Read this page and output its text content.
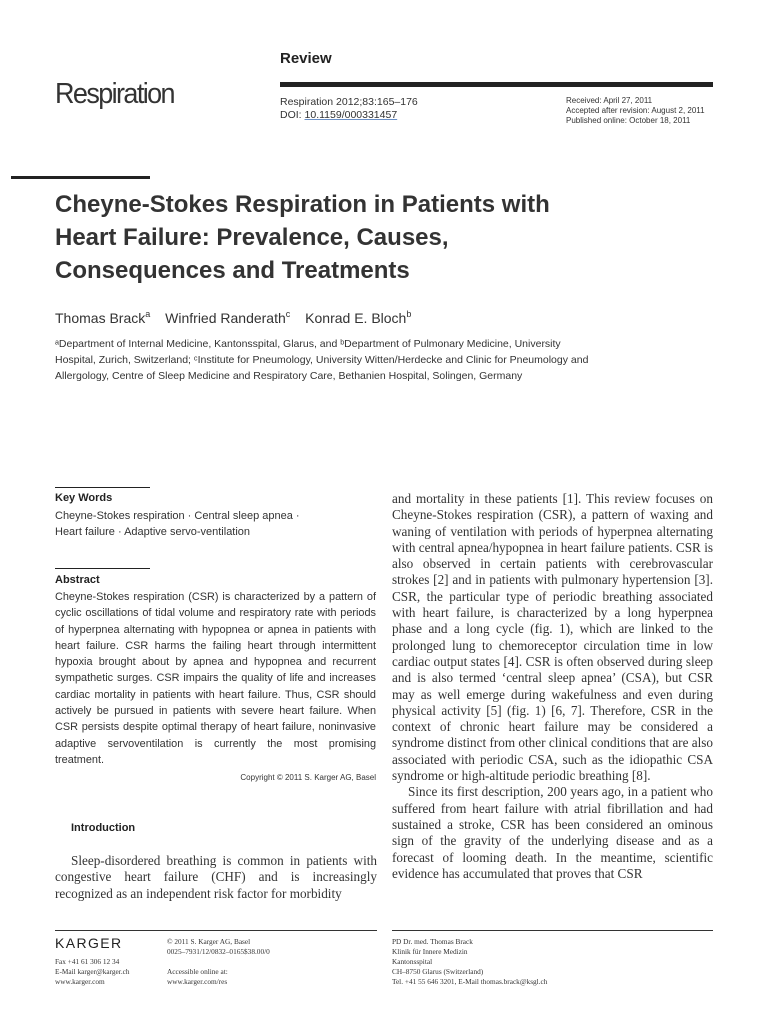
Review
Respiration	Respiration 2012;83:165–176
DOI: 10.1159/000331457
Received: April 27, 2011
Accepted after revision: August 2, 2011
Published online: October 18, 2011
Cheyne-Stokes Respiration in Patients with Heart Failure: Prevalence, Causes, Consequences and Treatments
Thomas Brack$^a$ Winfried Randerath$^c$ Konrad E. Bloch$^b$
ᵃDepartment of Internal Medicine, Kantonsspital, Glarus, and ᵇDepartment of Pulmonary Medicine, University
Hospital, Zurich, Switzerland; ᶜInstitute for Pneumology, University Witten/Herdecke and Clinic for Pneumology and
Allergology, Centre of Sleep Medicine and Respiratory Care, Bethanien Hospital, Solingen, Germany
Key Words
Cheyne-Stokes respiration · Central sleep apnea ·
Heart failure · Adaptive servo-ventilation
Abstract

Cheyne-Stokes respiration (CSR) is characterized by a pattern of cyclic oscillations of tidal volume and respiratory rate with periods of hyperpnea alternating with hypopnea or apnea in patients with heart failure. CSR harms the failing heart through intermittent hypoxia brought about by apnea and hypopnea and recurrent sympathetic surges. CSR impairs the quality of life and increases cardiac mortality in patients with heart failure. Thus, CSR should actively be pursued in patients with severe heart failure. When CSR persists despite optimal therapy of heart failure, noninvasive adaptive servoventilation is currently the most promising treatment.

Copyright © 2011 S. Karger AG, Basel
Introduction

Sleep-disordered breathing is common in patients with congestive heart failure (CHF) and is increasingly recognized as an independent risk factor for morbidity

and mortality in these patients [1]. This review focuses on Cheyne-Stokes respiration (CSR), a pattern of waxing and waning of ventilation with periods of hyperpnea alternating with central apnea/hypopnea in heart failure patients. CSR is also observed in certain patients with cerebrovascular strokes [2] and in patients with pulmonary hypertension [3]. CSR, the particular type of periodic breathing associated with heart failure, is characterized by a long hyperpnea phase and a long cycle (fig. 1), which are linked to the prolonged lung to chemoreceptor circulation time in low cardiac output states [4]. CSR is often observed during sleep and is also termed ‘central sleep apnea’ (CSA), but CSR may as well emerge during wakefulness and even during physical activity [5] (fig. 1) [6, 7]. Therefore, CSR in the context of chronic heart failure may be considered a syndrome distinct from other clinical conditions that are also associated with periodic CSA, such as the idiopathic CSA syndrome or high-altitude periodic breathing [8].

Since its first description, 200 years ago, in a patient who suffered from heart failure with atrial fibrillation and had sustained a stroke, CSR has been considered an ominous sign of the gravity of the underlying disease and as a forecast of looming death. In the meantime, scientific evidence has accumulated that proves that CSR

KARGER
Fax +41 61 306 12 34
E-Mail karger@karger.ch
www.karger.com
© 2011 S. Karger AG, Basel
0025–7931/12/0832–0165$38.00/0
Accessible online at:
www.karger.com/res
PD Dr. med. Thomas Brack
Klinik für Innere Medizin
Kantonsspital
CH–8750 Glarus (Switzerland)
Tel. +41 55 646 3201, E-Mail thomas.brack@ksgl.ch
